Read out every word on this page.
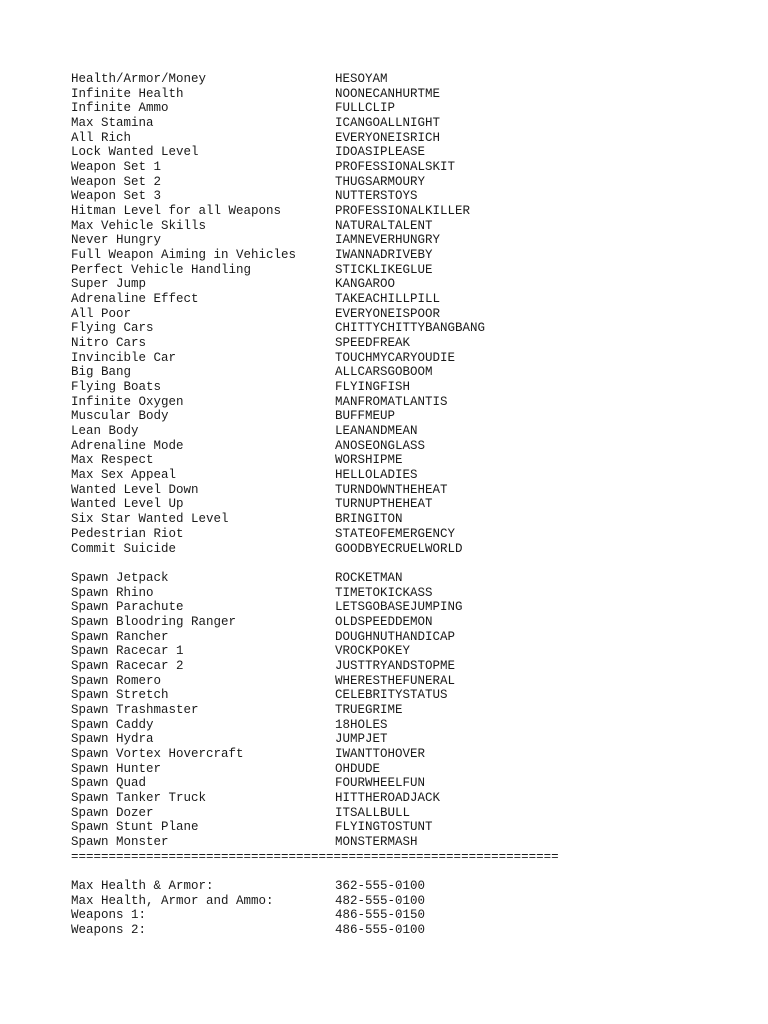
Health/Armor/Money	HESOYAM
Infinite Health	NOONECANHURTME
Infinite Ammo	FULLCLIP
Max Stamina	ICANGOALLNIGHT
All Rich	EVERYONEISRICH
Lock Wanted Level	IDOASIPLEASE
Weapon Set 1	PROFESSIONALSKIT
Weapon Set 2	THUGSARMOURY
Weapon Set 3	NUTTERSTOYS
Hitman Level for all Weapons	PROFESSIONALKILLER
Max Vehicle Skills	NATURALTALENT
Never Hungry	IAMNEVERHUNGRY
Full Weapon Aiming in Vehicles	IWANNADRIVEBY
Perfect Vehicle Handling	STICKLIKEGLUE
Super Jump	KANGAROO
Adrenaline Effect	TAKEACHILLPILL
All Poor	EVERYONEISPOOR
Flying Cars	CHITTYCHITTYBANGBANG
Nitro Cars	SPEEDFREAK
Invincible Car	TOUCHMYCARYOUDIE
Big Bang	ALLCARSGOBOOM
Flying Boats	FLYINGFISH
Infinite Oxygen	MANFROMATLANTIS
Muscular Body	BUFFMEUP
Lean Body	LEANANDMEAN
Adrenaline Mode	ANOSEONGLASS
Max Respect	WORSHIPME
Max Sex Appeal	HELLOLADIES
Wanted Level Down	TURNDOWNTHEHEAT
Wanted Level Up	TURNUPTHEHEAT
Six Star Wanted Level	BRINGITON
Pedestrian Riot	STATEOFEMERGENCY
Commit Suicide	GOODBYECRUELWORLD
Spawn Jetpack	ROCKETMAN
Spawn Rhino	TIMETOKICKASS
Spawn Parachute	LETSGOBASEJUMPING
Spawn Bloodring Ranger	OLDSPEEDDEMON
Spawn Rancher	DOUGHNUTHANDICAP
Spawn Racecar 1	VROCKPOKEY
Spawn Racecar 2	JUSTTRYANDSTOPME
Spawn Romero	WHERESTHEFUNERAL
Spawn Stretch	CELEBRITYSTATUS
Spawn Trashmaster	TRUEGRIME
Spawn Caddy	18HOLES
Spawn Hydra	JUMPJET
Spawn Vortex Hovercraft	IWANTTOHOVER
Spawn Hunter	OHDUDE
Spawn Quad	FOURWHEELFUN
Spawn Tanker Truck	HITTHEROADJACK
Spawn Dozer	ITSALLBULL
Spawn Stunt Plane	FLYINGTOSTUNT
Spawn Monster	MONSTERMASH
=================================================================
Max Health & Armor:	362-555-0100
Max Health, Armor and Ammo:	482-555-0100
Weapons 1:	486-555-0150
Weapons 2:	486-555-0100
